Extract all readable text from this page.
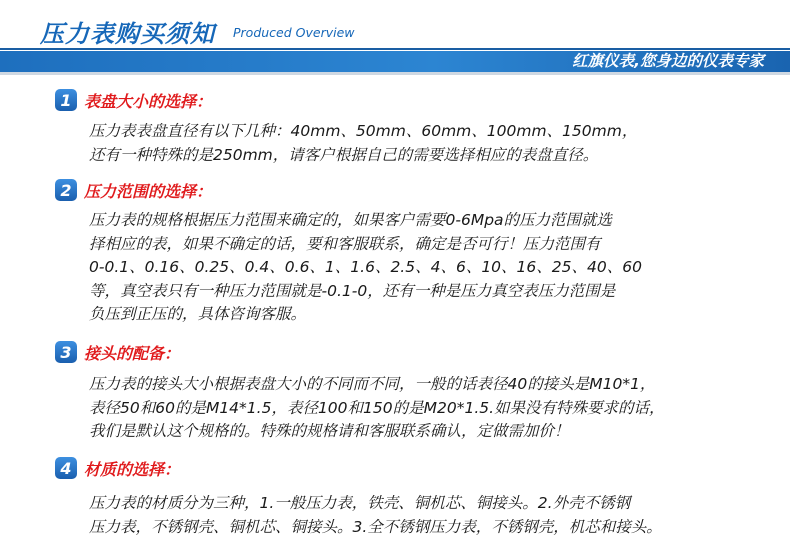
压力表购买须知 Produced Overview
红旗仪表,您身边的仪表专家
1 表盘大小的选择：
压力表表盘直径有以下几种：40mm、50mm、60mm、100mm、150mm，
还有一种特殊的是250mm，请客户根据自己的需要选择相应的表盘直径。
2 压力范围的选择：
压力表的规格根据压力范围来确定的，如果客户需要0-6Mpa的压力范围就选
择相应的表，如果不确定的话，要和客服联系，确定是否可行！压力范围有
0-0.1、0.16、0.25、0.4、0.6、1、1.6、2.5、4、6、10、16、25、40、60
等，真空表只有一种压力范围就是-0.1-0，还有一种是压力真空表压力范围是
负压到正压的，具体咨询客服。
3 接头的配备：
压力表的接头大小根据表盘大小的不同而不同，一般的话表径40的接头是M10*1，
表径50和60的是M14*1.5，表径100和150的是M20*1.5.如果没有特殊要求的话，
我们是默认这个规格的。特殊的规格请和客服联系确认，定做需加价！
4 材质的选择：
压力表的材质分为三种，1.一般压力表，铁壳、铜机芯、铜接头。2.外壳不锈钢
压力表，不锈钢壳、铜机芯、铜接头。3.全不锈钢压力表，不锈钢壳，机芯和接头。
